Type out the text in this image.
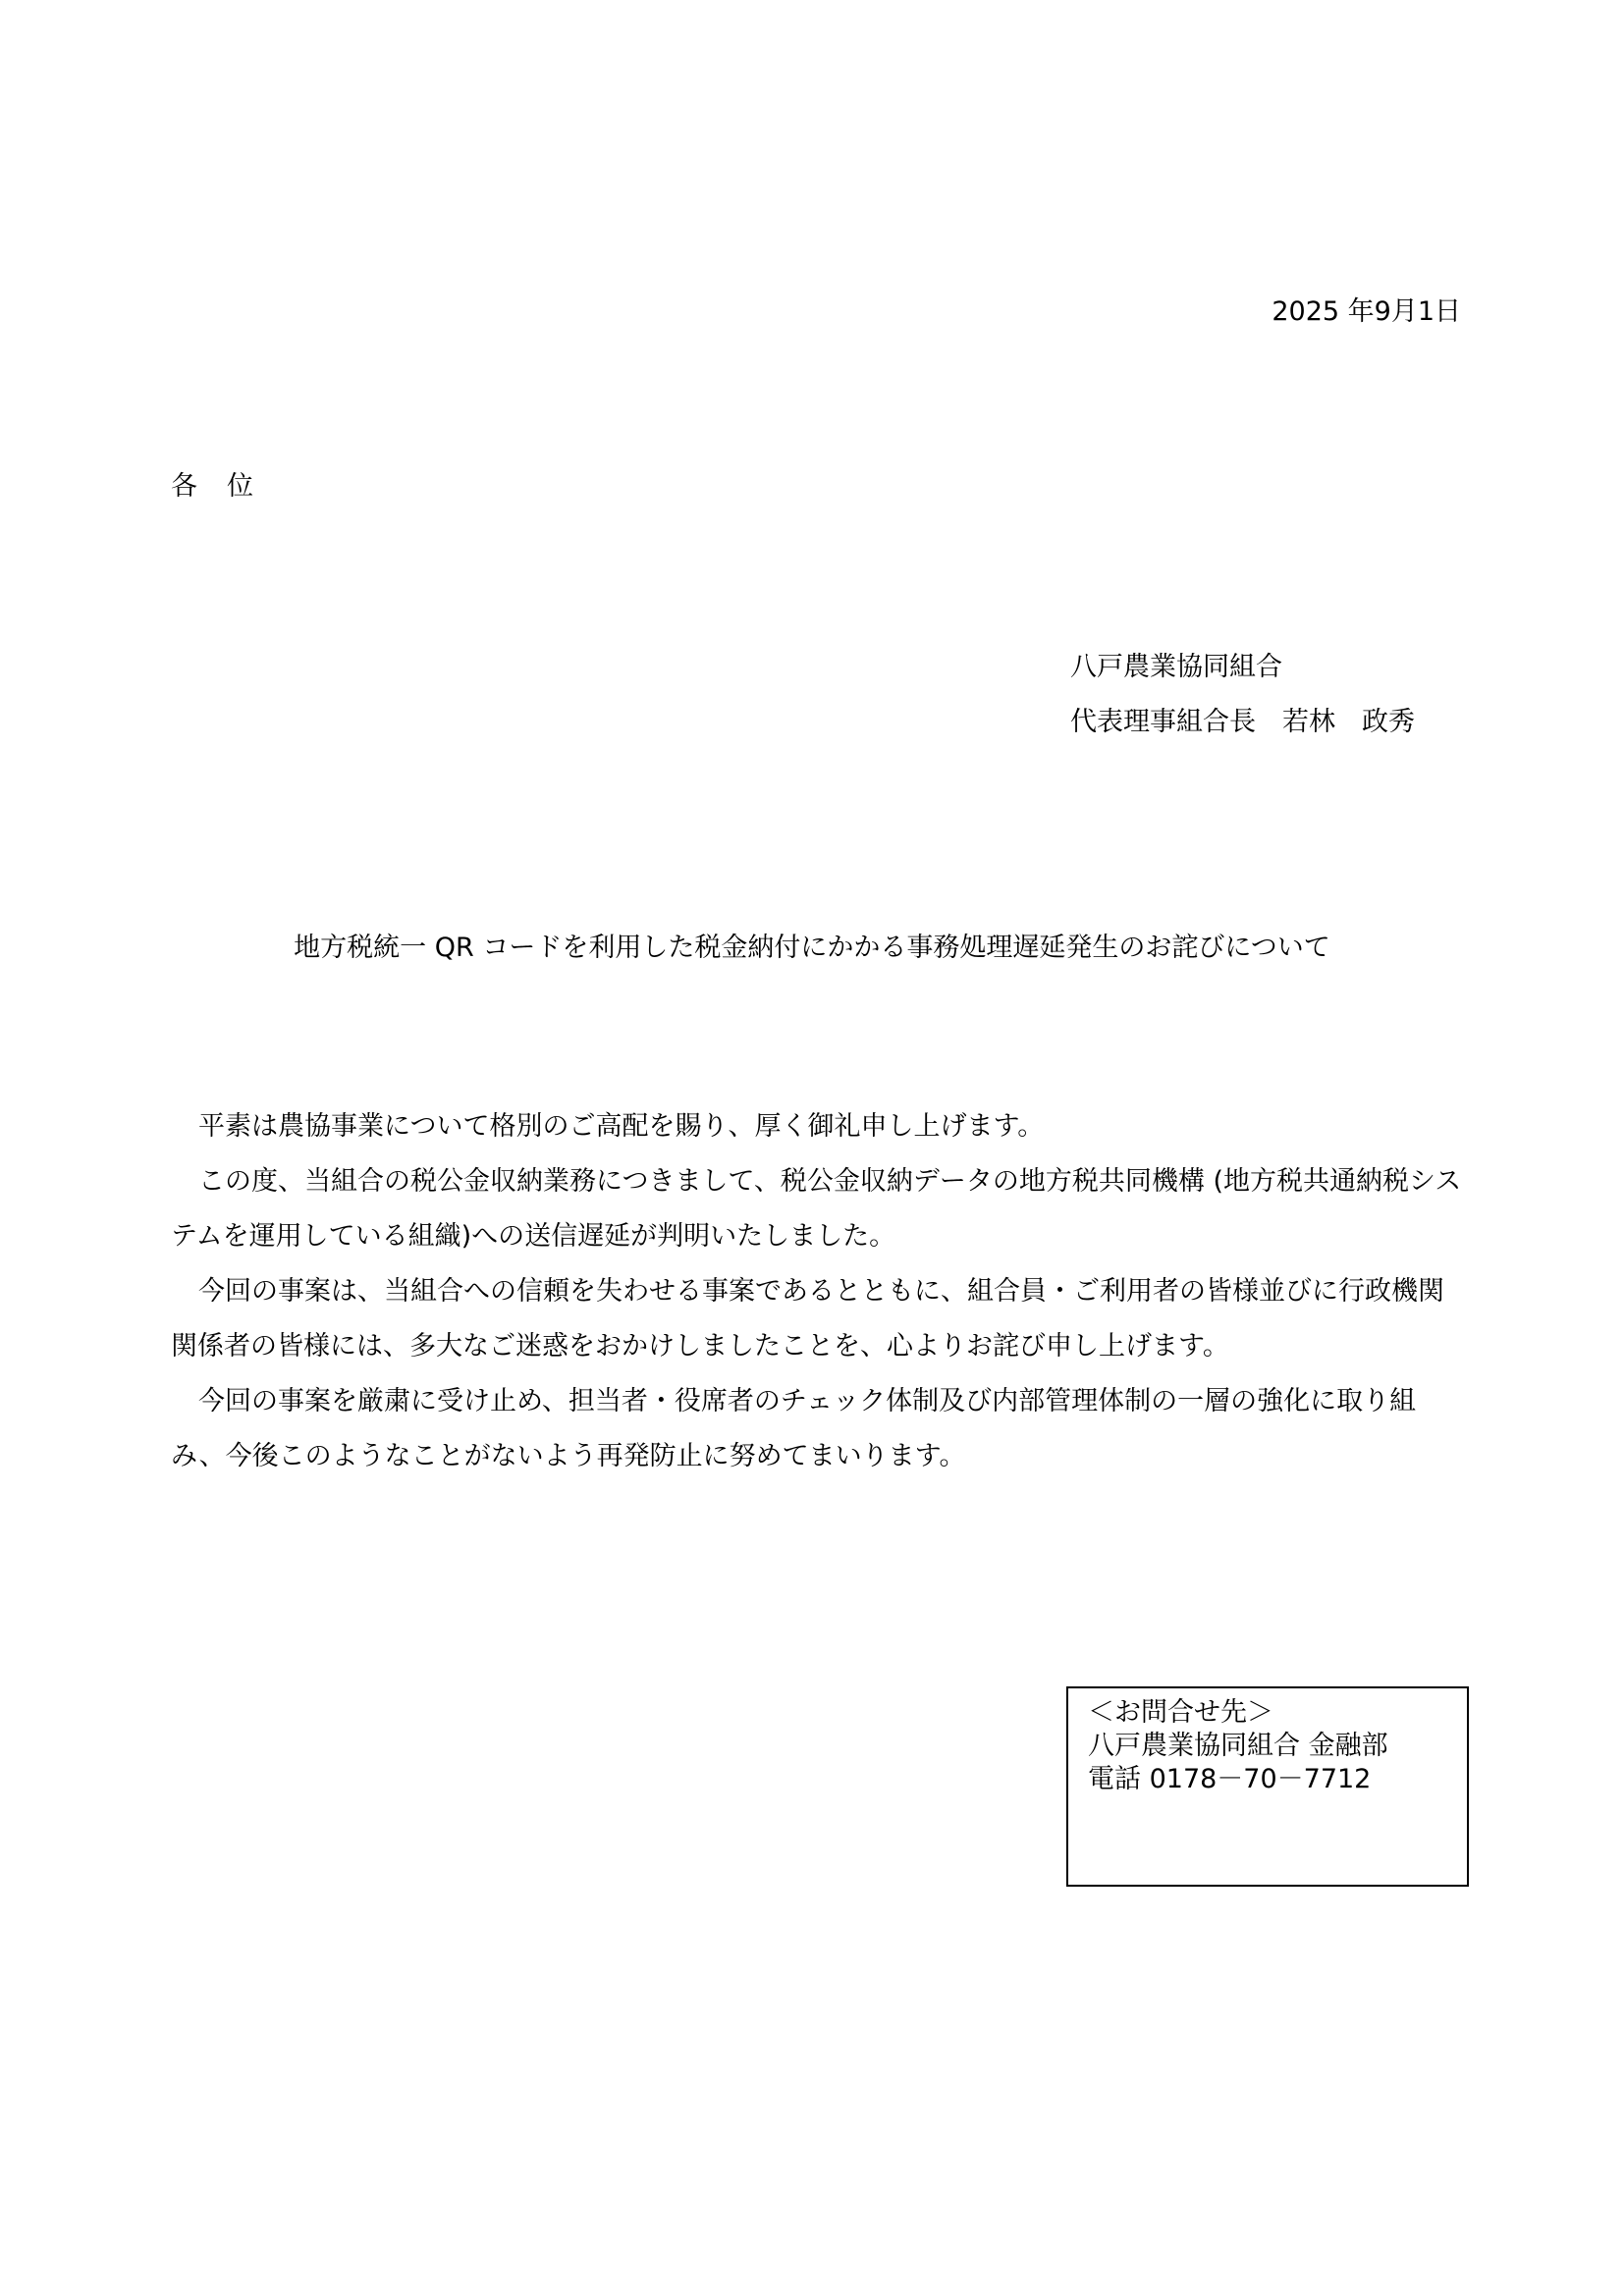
2025 年9月1日
各位
八戸農業協同組合
代表理事組合長　若林　政秀
地方税統一 QR コードを利用した税金納付にかかる事務処理遅延発生のお詫びについて

平素は農協事業について格別のご高配を賜り、厚く御礼申し上げます。

この度、当組合の税公金収納業務につきまして、税公金収納データの地方税共同機構 (地方税共通納税システムを運用している組織)への送信遅延が判明いたしました。

今回の事案は、当組合への信頼を失わせる事案であるとともに、組合員・ご利用者の皆様並びに行政機関関係者の皆様には、多大なご迷惑をおかけしましたことを、心よりお詫び申し上げます。

今回の事案を厳粛に受け止め、担当者・役席者のチェック体制及び内部管理体制の一層の強化に取り組み、今後このようなことがないよう再発防止に努めてまいります。

＜お問合せ先＞
八戸農業協同組合 金融部
電話 0178－70－7712
